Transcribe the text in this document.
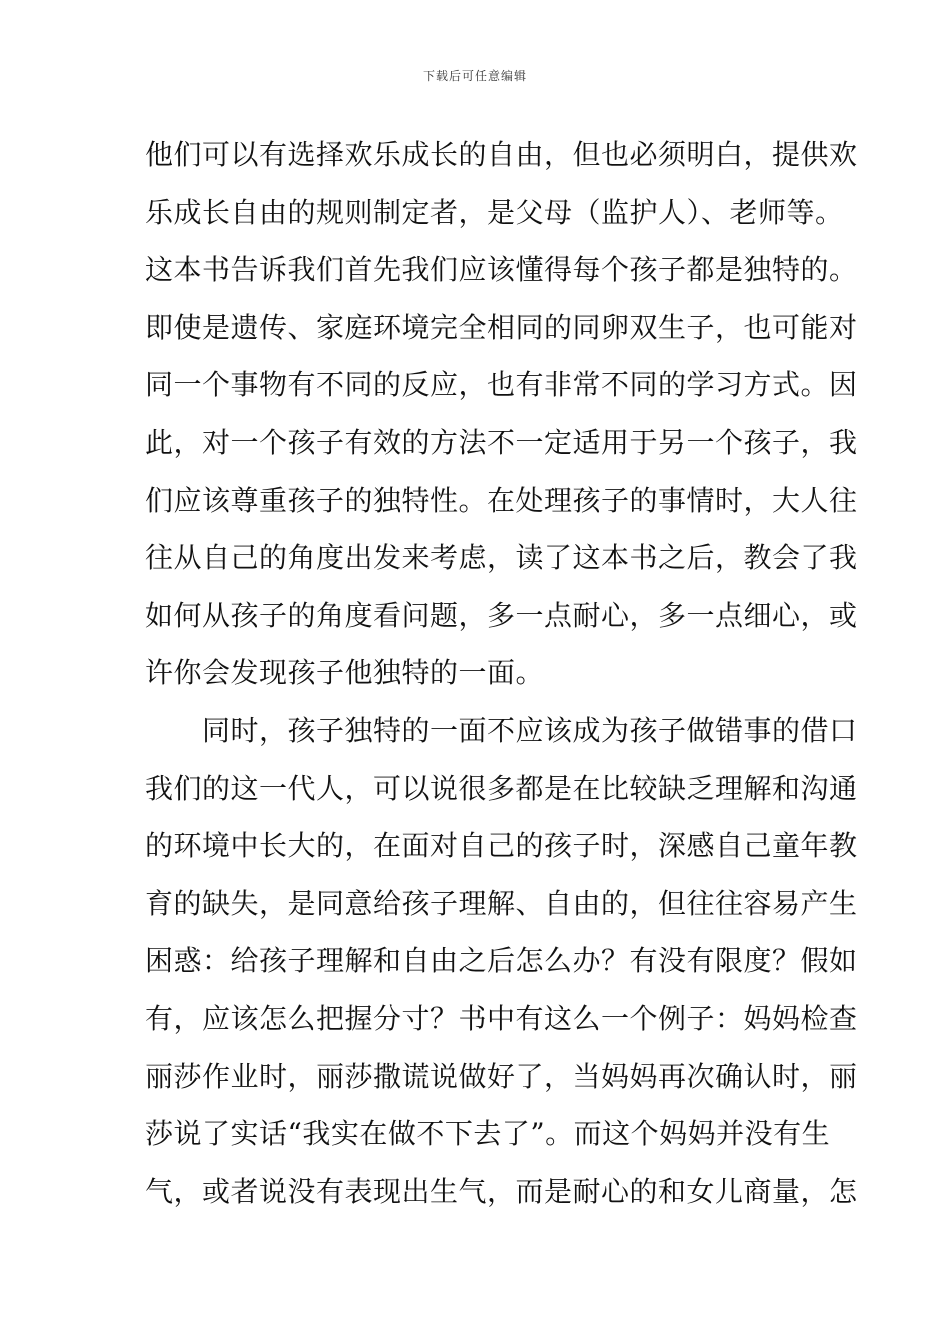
下载后可任意编辑
他们可以有选择欢乐成长的自由，但也必须明白，提供欢
乐成长自由的规则制定者，是父母（监护人）、老师等。
这本书告诉我们首先我们应该懂得每个孩子都是独特的。
即使是遗传、家庭环境完全相同的同卵双生子，也可能对
同一个事物有不同的反应，也有非常不同的学习方式。因
此，对一个孩子有效的方法不一定适用于另一个孩子，我
们应该尊重孩子的独特性。在处理孩子的事情时，大人往
往从自己的角度出发来考虑，读了这本书之后，教会了我
如何从孩子的角度看问题，多一点耐心，多一点细心，或
许你会发现孩子他独特的一面。
　　同时，孩子独特的一面不应该成为孩子做错事的借口
我们的这一代人，可以说很多都是在比较缺乏理解和沟通
的环境中长大的，在面对自己的孩子时，深感自己童年教
育的缺失，是同意给孩子理解、自由的，但往往容易产生
困惑：给孩子理解和自由之后怎么办？有没有限度？假如
有，应该怎么把握分寸？书中有这么一个例子：妈妈检查
丽莎作业时，丽莎撒谎说做好了，当妈妈再次确认时，丽
莎说了实话“我实在做不下去了”。而这个妈妈并没有生
气，或者说没有表现出生气，而是耐心的和女儿商量，怎
